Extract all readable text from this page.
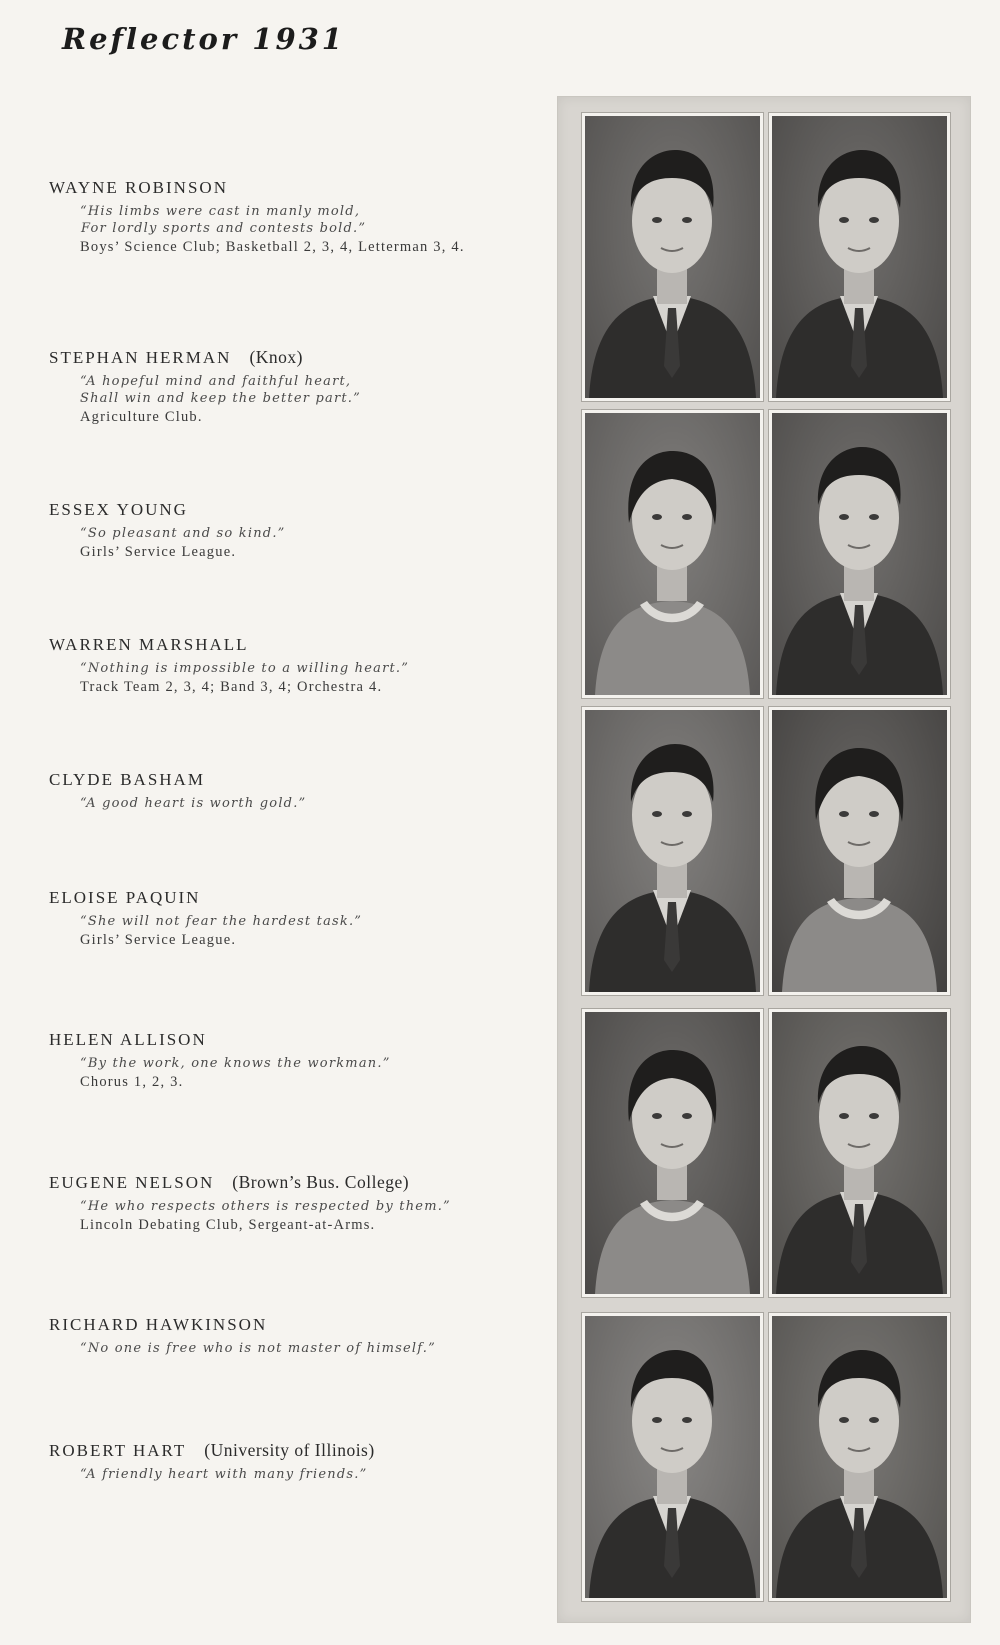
Reflector 1931
WAYNE ROBINSON
“His limbs were cast in manly mold,
For lordly sports and contests bold.”
Boys’ Science Club; Basketball 2, 3, 4, Letterman 3, 4.
STEPHAN HERMAN (Knox)
“A hopeful mind and faithful heart,
Shall win and keep the better part.”
Agriculture Club.
ESSEX YOUNG
“So pleasant and so kind.”
Girls’ Service League.
WARREN MARSHALL
“Nothing is impossible to a willing heart.”
Track Team 2, 3, 4; Band 3, 4; Orchestra 4.
CLYDE BASHAM
“A good heart is worth gold.”
ELOISE PAQUIN
“She will not fear the hardest task.”
Girls’ Service League.
HELEN ALLISON
“By the work, one knows the workman.”
Chorus 1, 2, 3.
EUGENE NELSON (Brown’s Bus. College)
“He who respects others is respected by them.”
Lincoln Debating Club, Sergeant-at-Arms.
RICHARD HAWKINSON
“No one is free who is not master of himself.”
ROBERT HART (University of Illinois)
“A friendly heart with many friends.”
